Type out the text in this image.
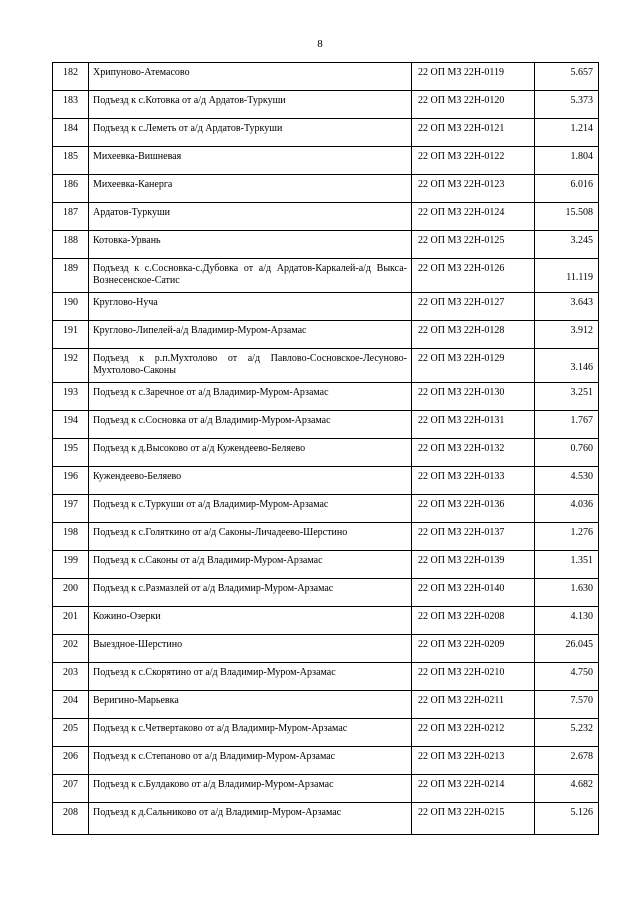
8
182	Хрипуново-Атемасово	22 ОП МЗ 22Н-0119	5.657
183	Подъезд к с.Котовка от а/д Ардатов-Туркуши	22 ОП МЗ 22Н-0120	5.373
184	Подъезд к с.Леметь от а/д Ардатов-Туркуши	22 ОП МЗ 22Н-0121	1.214
185	Михеевка-Вишневая	22 ОП МЗ 22Н-0122	1.804
186	Михеевка-Канерга	22 ОП МЗ 22Н-0123	6.016
187	Ардатов-Туркуши	22 ОП МЗ 22Н-0124	15.508
188	Котовка-Урвань	22 ОП МЗ 22Н-0125	3.245
189	Подъезд к с.Сосновка-с.Дубовка от а/д Ардатов-Каркалей-а/д Выкса-Вознесенское-Сатис	22 ОП МЗ 22Н-0126	11.119
190	Круглово-Нуча	22 ОП МЗ 22Н-0127	3.643
191	Круглово-Липелей-а/д Владимир-Муром-Арзамас	22 ОП МЗ 22Н-0128	3.912
192	Подъезд к р.п.Мухтолово от а/д Павлово-Сосновское-Лесуново-Мухтолово-Саконы	22 ОП МЗ 22Н-0129	3.146
193	Подъезд к с.Заречное от а/д Владимир-Муром-Арзамас	22 ОП МЗ 22Н-0130	3.251
194	Подъезд к с.Сосновка от а/д Владимир-Муром-Арзамас	22 ОП МЗ 22Н-0131	1.767
195	Подъезд к д.Высоково от а/д Кужендеево-Беляево	22 ОП МЗ 22Н-0132	0.760
196	Кужендеево-Беляево	22 ОП МЗ 22Н-0133	4.530
197	Подъезд к с.Туркуши от а/д Владимир-Муром-Арзамас	22 ОП МЗ 22Н-0136	4.036
198	Подъезд к с.Голяткино от а/д Саконы-Личадеево-Шерстино	22 ОП МЗ 22Н-0137	1.276
199	Подъезд к с.Саконы от а/д Владимир-Муром-Арзамас	22 ОП МЗ 22Н-0139	1.351
200	Подъезд к с.Размазлей от а/д Владимир-Муром-Арзамас	22 ОП МЗ 22Н-0140	1.630
201	Кожино-Озерки	22 ОП МЗ 22Н-0208	4.130
202	Выездное-Шерстино	22 ОП МЗ 22Н-0209	26.045
203	Подъезд к с.Скорятино от а/д Владимир-Муром-Арзамас	22 ОП МЗ 22Н-0210	4.750
204	Веригино-Марьевка	22 ОП МЗ 22Н-0211	7.570
205	Подъезд к с.Четвертаково от а/д Владимир-Муром-Арзамас	22 ОП МЗ 22Н-0212	5.232
206	Подъезд к с.Степаново от а/д Владимир-Муром-Арзамас	22 ОП МЗ 22Н-0213	2.678
207	Подъезд к с.Булдаково от а/д Владимир-Муром-Арзамас	22 ОП МЗ 22Н-0214	4.682
208	Подъезд к д.Сальниково от а/д Владимир-Муром-Арзамас	22 ОП МЗ 22Н-0215	5.126
